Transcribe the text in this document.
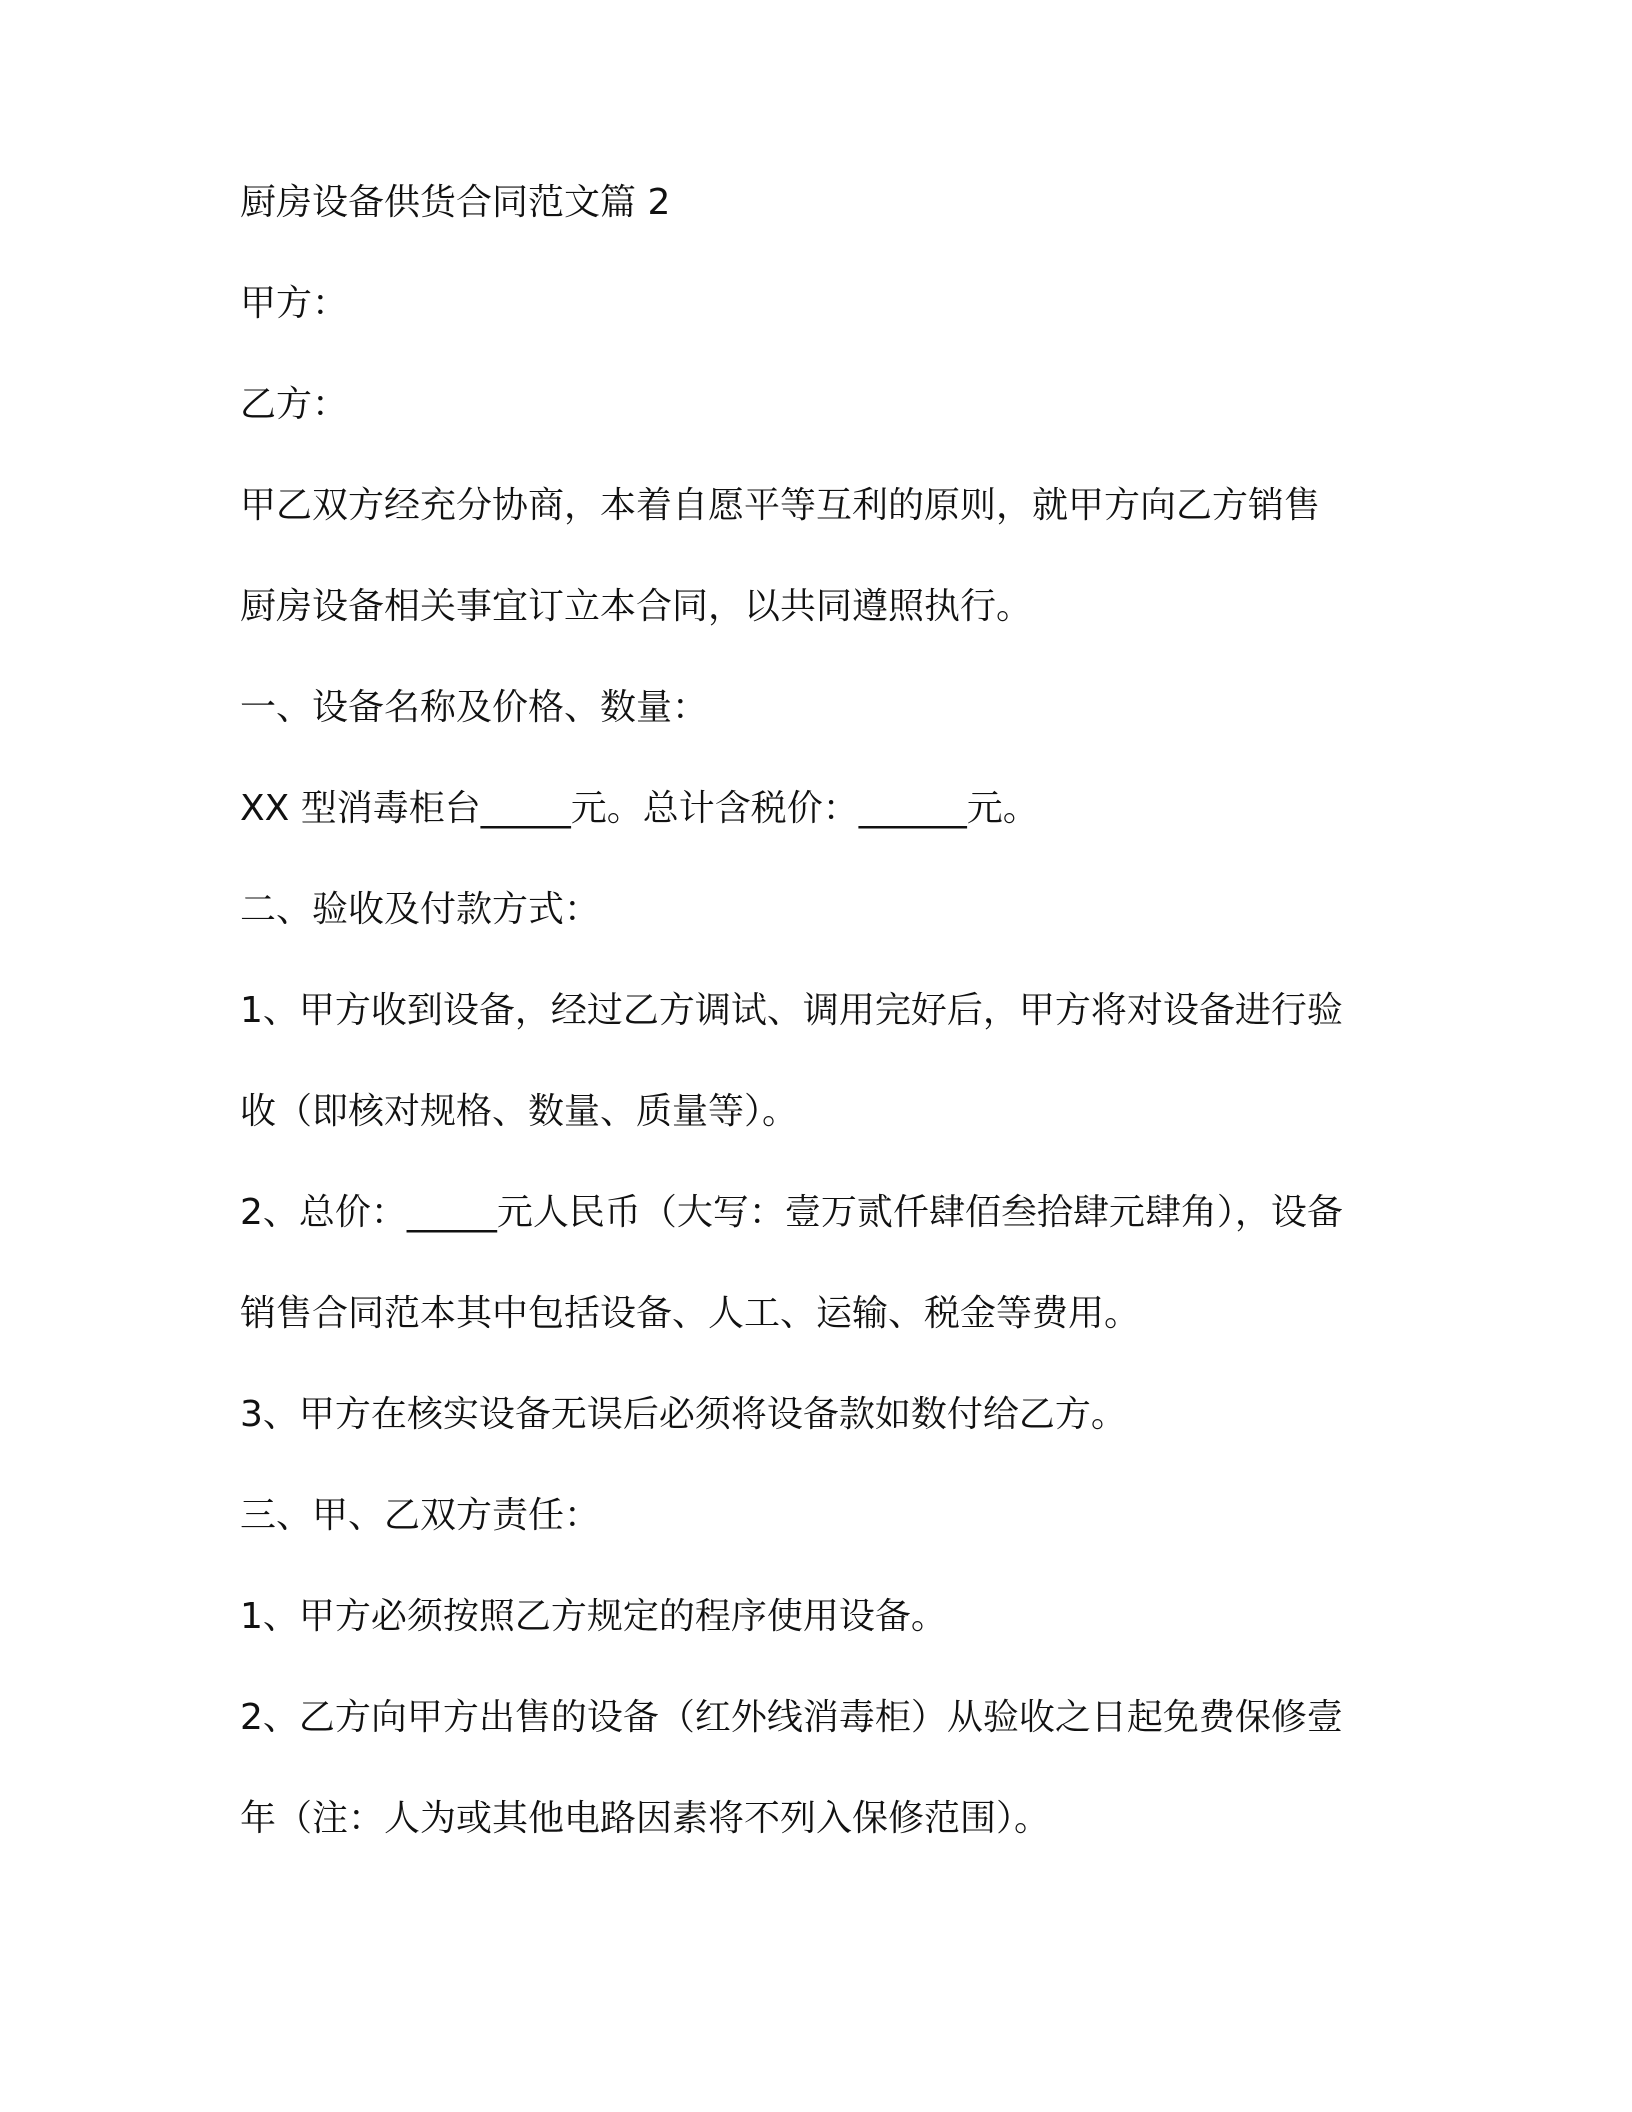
厨房设备供货合同范文篇 2
甲方：
乙方：
甲乙双方经充分协商，本着自愿平等互利的原则，就甲方向乙方销售
厨房设备相关事宜订立本合同，以共同遵照执行。
一、设备名称及价格、数量：
XX 型消毒柜台_____元。总计含税价：______元。
二、验收及付款方式：
1、甲方收到设备，经过乙方调试、调用完好后，甲方将对设备进行验
收（即核对规格、数量、质量等）。
2、总价：_____元人民币（大写：壹万贰仟肆佰叁拾肆元肆角），设备
销售合同范本其中包括设备、人工、运输、税金等费用。
3、甲方在核实设备无误后必须将设备款如数付给乙方。
三、甲、乙双方责任：
1、甲方必须按照乙方规定的程序使用设备。
2、乙方向甲方出售的设备（红外线消毒柜）从验收之日起免费保修壹
年（注：人为或其他电路因素将不列入保修范围）。
